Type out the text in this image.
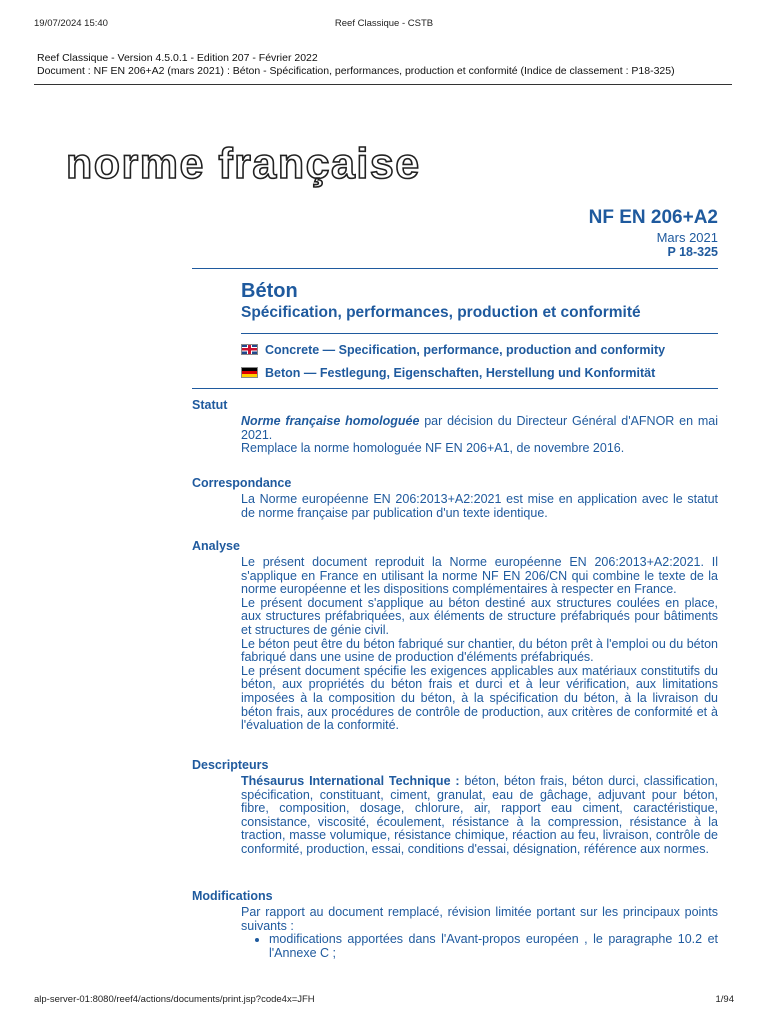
19/07/2024 15:40	Reef Classique - CSTB
Reef Classique - Version 4.5.0.1 - Edition 207 - Février 2022
Document : NF EN 206+A2 (mars 2021) : Béton - Spécification, performances, production et conformité (Indice de classement : P18-325)
norme française
NF EN 206+A2
Mars 2021
P 18-325
Béton
Spécification, performances, production et conformité
Concrete — Specification, performance, production and conformity
Beton — Festlegung, Eigenschaften, Herstellung und Konformität
Statut

Norme française homologuée par décision du Directeur Général d'AFNOR en mai 2021.

Remplace la norme homologuée NF EN 206+A1, de novembre 2016.

Correspondance

La Norme européenne EN 206:2013+A2:2021 est mise en application avec le statut de norme française par publication d'un texte identique.

Analyse

Le présent document reproduit la Norme européenne EN 206:2013+A2:2021. Il s'applique en France en utilisant la norme NF EN 206/CN qui combine le texte de la norme européenne et les dispositions complémentaires à respecter en France.

Le présent document s'applique au béton destiné aux structures coulées en place, aux structures préfabriquées, aux éléments de structure préfabriqués pour bâtiments et structures de génie civil.

Le béton peut être du béton fabriqué sur chantier, du béton prêt à l'emploi ou du béton fabriqué dans une usine de production d'éléments préfabriqués.

Le présent document spécifie les exigences applicables aux matériaux constitutifs du béton, aux propriétés du béton frais et durci et à leur vérification, aux limitations imposées à la composition du béton, à la spécification du béton, à la livraison du béton frais, aux procédures de contrôle de production, aux critères de conformité et à l'évaluation de la conformité.

Descripteurs

Thésaurus International Technique : béton, béton frais, béton durci, classification, spécification, constituant, ciment, granulat, eau de gâchage, adjuvant pour béton, fibre, composition, dosage, chlorure, air, rapport eau ciment, caractéristique, consistance, viscosité, écoulement, résistance à la compression, résistance à la traction, masse volumique, résistance chimique, réaction au feu, livraison, contrôle de conformité, production, essai, conditions d'essai, désignation, référence aux normes.

Modifications

Par rapport au document remplacé, révision limitée portant sur les principaux points suivants :

• modifications apportées dans l'Avant-propos européen , le paragraphe 10.2 et l'Annexe C ;
alp-server-01:8080/reef4/actions/documents/print.jsp?code4x=JFH	1/94
